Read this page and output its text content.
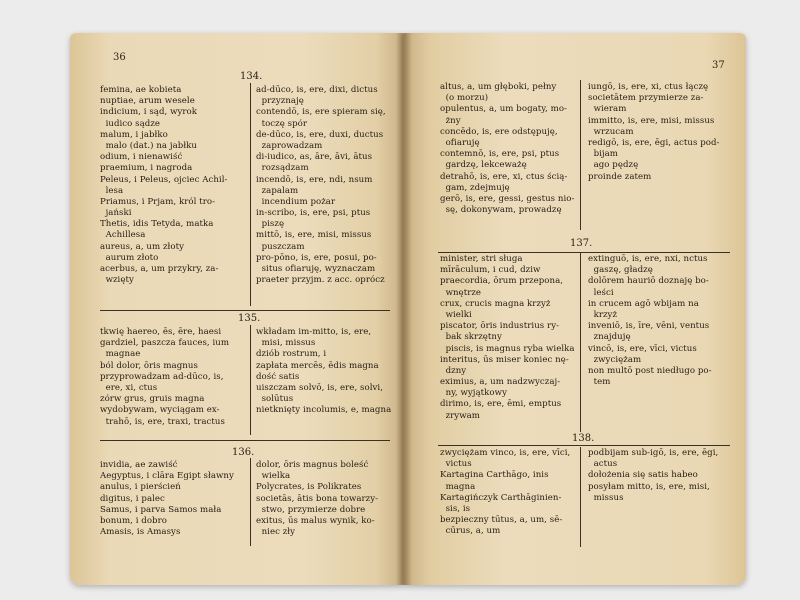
36
134.
femina, ae kobieta
nuptiae, arum wesele
indicium, i sąd, wyrok
iudico sądze
malum, i jabłko
malo (dat.) na jabłku
odium, i nienawiść
praemium, i nagroda
Peleus, i Peleus, ojciec Achil-
lesa
Priamus, i Prjam, król tro-
jański
Thetis, idis Tetyda, matka
Achillesa
aureus, a, um złoty
aurum złoto
acerbus, a, um przykry, za-
wzięty
ad-dūco, is, ere, dixi, dictus
przyznaję
contendō, is, ere spieram się,
toczę spór
de-dūco, is, ere, duxi, ductus
zaprowadzam
di-iudico, as, āre, āvi, ātus
rozsądzam
incendō, is, ere, ndi, nsum
zapalam
incendium pożar
in-scribo, is, ere, psi, ptus
piszę
mittō, is, ere, misi, missus
puszczam
pro-pōno, is, ere, posui, po-
situs ofiaruję, wyznaczam
praeter przyjm. z acc. oprócz
135.
tkwię haereo, ēs, ēre, haesi
gardziel, paszcza fauces, ium
magnae
ból dolor, ōris magnus
przyprowadzam ad-dūco, is,
ere, xi, ctus
zórw grus, gruis magna
wydobywam, wyciągam ex-
trahō, is, ere, traxi, tractus
wkładam im-mitto, is, ere,
misi, missus
dziób rostrum, i
zapłata mercēs, ēdis magna
dość satis
uiszczam solvō, is, ere, solvi,
solūtus
nietknięty incolumis, e, magna
136.
invidia, ae zawiść
Aegyptus, i clāra Egipt sławny
anulus, i pierścień
digitus, i palec
Samus, i parva Samos mała
bonum, i dobro
Amasis, is Amasys
dolor, ōris magnus boleść
wielka
Polycrates, is Polikrates
societās, ātis bona towarzy-
stwo, przymierze dobre
exitus, ūs malus wynik, ko-
niec zły
37
altus, a, um głęboki, pełny
(o morzu)
opulentus, a, um bogaty, mo-
żny
concēdo, is, ere odstępuję,
ofiaruję
contemnō, is, ere, psi, ptus
gardzę, lekceważę
detrahō, is, ere, xi, ctus ścią-
gam, zdejmuję
gerō, is, ere, gessi, gestus nio-
sę, dokonywam, prowadzę
iungō, is, ere, xi, ctus łączę
societātem przymierze za-
wieram
immitto, is, ere, misi, missus
wrzucam
redigō, is, ere, ēgi, actus pod-
bijam
ago pędzę
proinde zatem
137.
minister, stri sługa
mīrāculum, i cud, dziw
praecordia, ōrum przepona,
wnętrze
crux, crucis magna krzyż
wielki
piscator, ōris industrius ry-
bak skrzętny
piscis, is magnus ryba wielka
interitus, ūs miser koniec nę-
dzny
eximius, a, um nadzwyczaj-
ny, wyjątkowy
dirimo, is, ere, ēmi, emptus
zrywam
extinguō, is, ere, nxi, nctus
gaszę, gładzę
dolōrem hauriō doznaję bo-
leści
in crucem agō wbijam na
krzyż
inveniō, is, īre, vēni, ventus
znajduję
vincō, is, ere, vīci, victus
zwyciężam
non multō post niedługo po-
tem
138.
zwyciężam vinco, is, ere, vīci,
victus
Kartagina Carthāgo, inis
magna
Kartagińczyk Carthāginien-
sis, is
bezpieczny tūtus, a, um, sē-
cūrus, a, um
podbijam sub-igō, is, ere, ēgi,
actus
dołożenia się satis habeo
posyłam mitto, is, ere, misi,
missus
